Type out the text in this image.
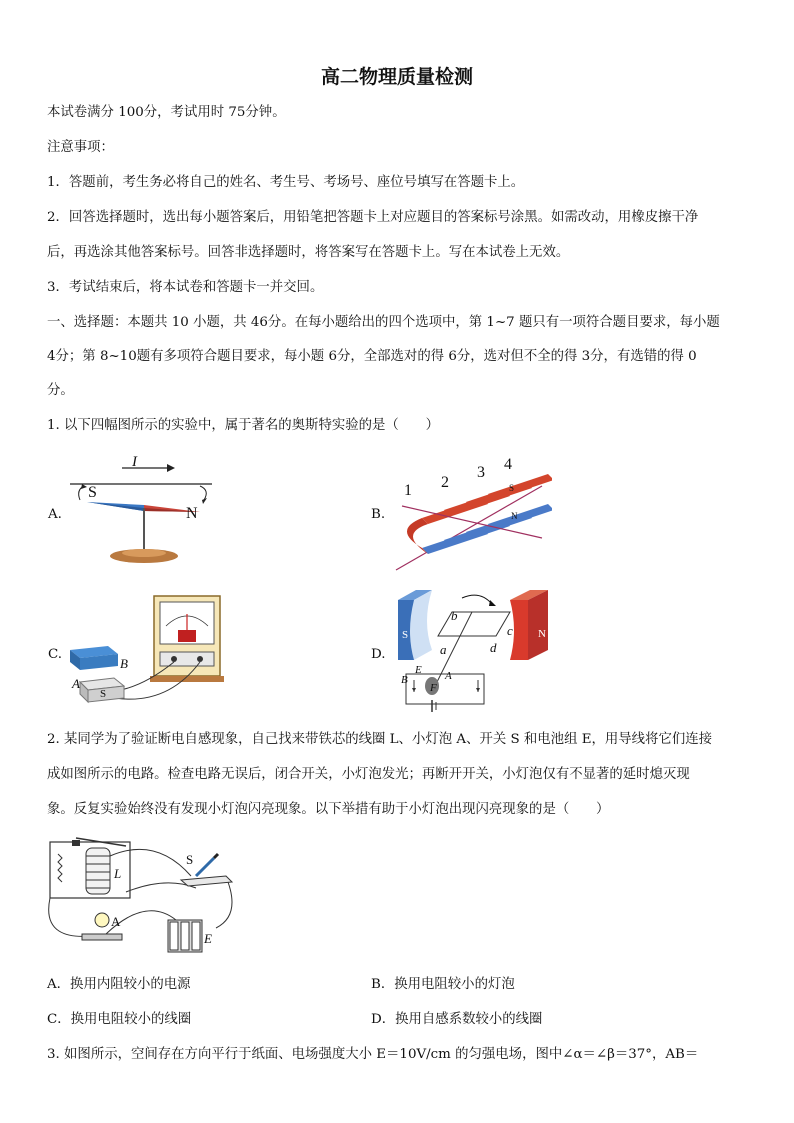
高二物理质量检测
本试卷满分 100分，考试用时 75分钟。
注意事项：
1．答题前，考生务必将自己的姓名、考生号、考场号、座位号填写在答题卡上。
2．回答选择题时，选出每小题答案后，用铅笔把答题卡上对应题目的答案标号涂黑。如需改动，用橡皮擦干净
后，再选涂其他答案标号。回答非选择题时，将答案写在答题卡上。写在本试卷上无效。
3．考试结束后，将本试卷和答题卡一并交回。
一、选择题：本题共 10 小题，共 46分。在每小题给出的四个选项中，第 1~7 题只有一项符合题目要求，每小题
4分；第 8~10题有多项符合题目要求，每小题 6分，全部选对的得 6分，选对但不全的得 3分，有选错的得 0
分。
1. 以下四幅图所示的实验中，属于著名的奥斯特实验的是（　　）
A.	B.
C.	D.
I
S
N
1 2
3 4
S
N
B
A
S
S	N
b
c
d
a
E
F
B	A
2. 某同学为了验证断电自感现象，自己找来带铁芯的线圈 L、小灯泡 A、开关 S 和电池组 E，用导线将它们连接
成如图所示的电路。检查电路无误后，闭合开关，小灯泡发光；再断开开关，小灯泡仅有不显著的延时熄灭现
象。反复实验始终没有发现小灯泡闪亮现象。以下举措有助于小灯泡出现闪亮现象的是（　　）
L
S
A
E
A．换用内阻较小的电源	B．换用电阻较小的灯泡
C．换用电阻较小的线圈	D．换用自感系数较小的线圈
3. 如图所示，空间存在方向平行于纸面、电场强度大小 E＝10V/cm 的匀强电场，图中∠α＝∠β＝37°，AB＝
